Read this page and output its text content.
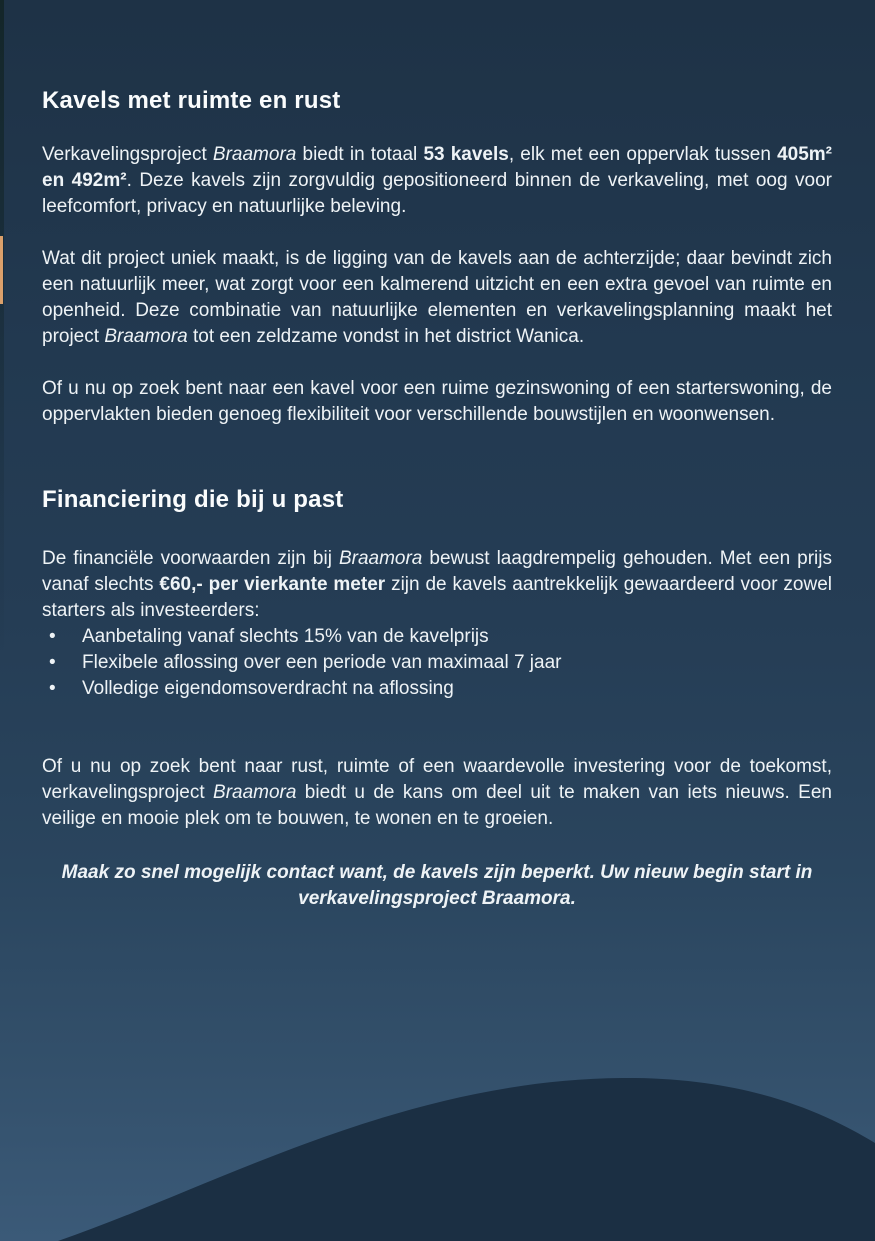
Kavels met ruimte en rust

Verkavelingsproject Braamora biedt in totaal 53 kavels, elk met een oppervlak tussen 405m² en 492m². Deze kavels zijn zorgvuldig gepositioneerd binnen de verkaveling, met oog voor leefcomfort, privacy en natuurlijke beleving.

Wat dit project uniek maakt, is de ligging van de kavels aan de achterzijde; daar bevindt zich een natuurlijk meer, wat zorgt voor een kalmerend uitzicht en een extra gevoel van ruimte en openheid. Deze combinatie van natuurlijke elementen en verkavelingsplanning maakt het project Braamora tot een zeldzame vondst in het district Wanica.

Of u nu op zoek bent naar een kavel voor een ruime gezinswoning of een starterswoning, de oppervlakten bieden genoeg flexibiliteit voor verschillende bouwstijlen en woonwensen.

Financiering die bij u past

De financiële voorwaarden zijn bij Braamora bewust laagdrempelig gehouden. Met een prijs vanaf slechts €60,- per vierkante meter zijn de kavels aantrekkelijk gewaardeerd voor zowel starters als investeerders:

• Aanbetaling vanaf slechts 15% van de kavelprijs
• Flexibele aflossing over een periode van maximaal 7 jaar
• Volledige eigendomsoverdracht na aflossing

Of u nu op zoek bent naar rust, ruimte of een waardevolle investering voor de toekomst, verkavelingsproject Braamora biedt u de kans om deel uit te maken van iets nieuws. Een veilige en mooie plek om te bouwen, te wonen en te groeien.

Maak zo snel mogelijk contact want, de kavels zijn beperkt. Uw nieuw begin start in verkavelingsproject Braamora.
